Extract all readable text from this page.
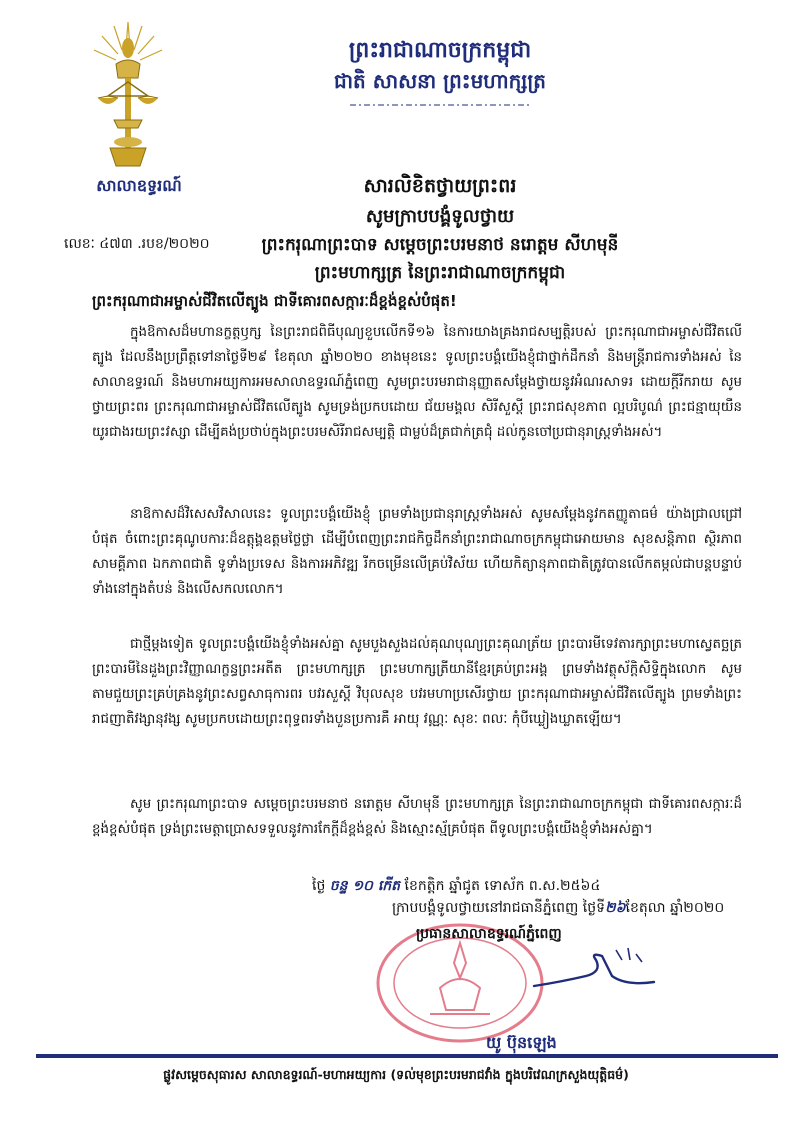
ព្រះរាជាណាចក្រកម្ពុជា
ជាតិ សាសនា ព្រះមហាក្សត្រ
សាលាឧទ្ធរណ៍
លេខៈ ៤៧៣ .របខ/២០២០
សារលិខិតថ្វាយព្រះពរ
សូមក្រាបបង្គំទូលថ្វាយ
ព្រះករុណាព្រះបាទ សម្តេចព្រះបរមនាថ នរោត្តម សីហមុនី
ព្រះមហាក្សត្រ នៃព្រះរាជាណាចក្រកម្ពុជា
ព្រះករុណាជាអម្ចាស់ជីវិតលើត្បូង ជាទីគោរពសក្ការៈដ៏ខ្ពង់ខ្ពស់បំផុត!

ក្នុងឱកាសដ៏មហានក្ខត្តឫក្ស នៃព្រះរាជពិធីបុណ្យខួបលើកទី១៦ នៃការយាងគ្រងរាជសម្បត្តិរបស់ ព្រះករុណាជាអម្ចាស់ជីវិតលើត្បូង ដែលនឹងប្រព្រឹត្តទៅនាថ្ងៃទី២៩ ខែតុលា ឆ្នាំ២០២០ ខាងមុខនេះ ទូលព្រះបង្គំយើងខ្ញុំជាថ្នាក់ដឹកនាំ និងមន្រ្តីរាជការទាំងអស់ នៃសាលាឧទ្ធរណ៍ និងមហាអយ្យការអមសាលាឧទ្ធរណ៍ភ្នំពេញ សូមព្រះបរមរាជានុញ្ញាតសម្តែងថ្វាយនូវអំណរសាទរ ដោយក្តីរីករាយ សូមថ្វាយព្រះពរ ព្រះករុណាជាអម្ចាស់ជីវិតលើត្បូង សូមទ្រង់ប្រកបដោយ ជ័យមង្គល សិរីសួស្តី ព្រះរាជសុខភាព ល្អបរិបូណ៌ ព្រះជន្មាយុយឺនយូរជាងរយព្រះវស្សា ដើម្បីគង់ប្រថាប់ក្នុងព្រះបរមសិរីរាជសម្បត្តិ ជាម្លប់ដ៏ត្រជាក់ត្រជុំ ដល់កូនចៅប្រជានុរាស្រ្តទាំងអស់។

នាឱកាសដ៏វិសេសវិសាលនេះ ទូលព្រះបង្គំយើងខ្ញុំ ព្រមទាំងប្រជានុរាស្រ្តទាំងអស់ សូមសម្តែងនូវកតញ្ញូតាធម៌ យ៉ាងជ្រាលជ្រៅបំផុត ចំពោះព្រះគុណូបការៈដ៏ឧត្តុង្គឧត្តមថ្លៃថ្លា ដើម្បីបំពេញព្រះរាជកិច្ចដឹកនាំព្រះរាជាណាចក្រកម្ពុជាអោយមាន សុខសន្តិភាព ស្ថិរភាព សាមគ្គីភាព ឯកភាពជាតិ ទូទាំងប្រទេស និងការអភិវឌ្ឍ រីកចម្រើនលើគ្រប់វិស័យ ហើយកិត្យានុភាពជាតិត្រូវបានលើកតម្កល់ជាបន្តបន្ទាប់ទាំងនៅក្នុងតំបន់ និងលើសកលលោក។

ជាថ្មីម្តងទៀត ទូលព្រះបង្គំយើងខ្ញុំទាំងអស់គ្នា សូមបួងសួងដល់គុណបុណ្យព្រះគុណត្រ័យ ព្រះបារមីទេវតារក្សាព្រះមហាស្វេតច្ឆត្រ ព្រះបារមីនៃដួងព្រះវិញ្ញាណក្ខន្ធព្រះអតីត ព្រះមហាក្សត្រ ព្រះមហាក្សត្រីយានីខ្មែរគ្រប់ព្រះអង្គ ព្រមទាំងវត្ថុស័ក្តិសិទ្ធិក្នុងលោក សូមតាមជួយព្រះគ្រប់គ្រងនូវព្រះសព្វសាធុការពរ បវរសួស្តី វិបុលសុខ បវរមហាប្រសើរថ្វាយ ព្រះករុណាជាអម្ចាស់ជីវិតលើត្បូង ព្រមទាំងព្រះរាជញាតិវង្សានុវង្ស សូមប្រកបដោយព្រះពុទ្ធពរទាំងបួនប្រការគឺ អាយុ វណ្ណៈ សុខៈ ពលៈ កុំបីឃ្លៀងឃ្លាតឡើយ។

សូម ព្រះករុណាព្រះបាទ សម្តេចព្រះបរមនាថ នរោត្តម សីហមុនី ព្រះមហាក្សត្រ នៃព្រះរាជាណាចក្រកម្ពុជា ជាទីគោរពសក្ការៈដ៏ខ្ពង់ខ្ពស់បំផុត ទ្រង់ព្រះមេត្តាប្រោសទទួលនូវការកែក្តីដ៏ខ្ពង់ខ្ពស់ និងស្មោះស្ម័គ្របំផុត ពីទូលព្រះបង្គំយើងខ្ញុំទាំងអស់គ្នា។

ថ្ងៃ ចន្ទ ១០ កើត ខែកត្តិក ឆ្នាំជូត ទោស័ក ព.ស.២៥៦៤
ក្រាបបង្គំទូលថ្វាយនៅរាជធានីភ្នំពេញ ថ្ងៃទី២៦ខែតុលា ឆ្នាំ២០២០
ប្រធានសាលាឧទ្ធរណ៍ភ្នំពេញ
យូ ប៊ុនឡេង
ផ្លូវសម្តេចសុធារស សាលាឧទ្ធរណ៍-មហាអយ្យការ (ទល់មុខព្រះបរមរាជវាំង ក្នុងបរិវេណក្រសួងយុត្តិធម៌)
